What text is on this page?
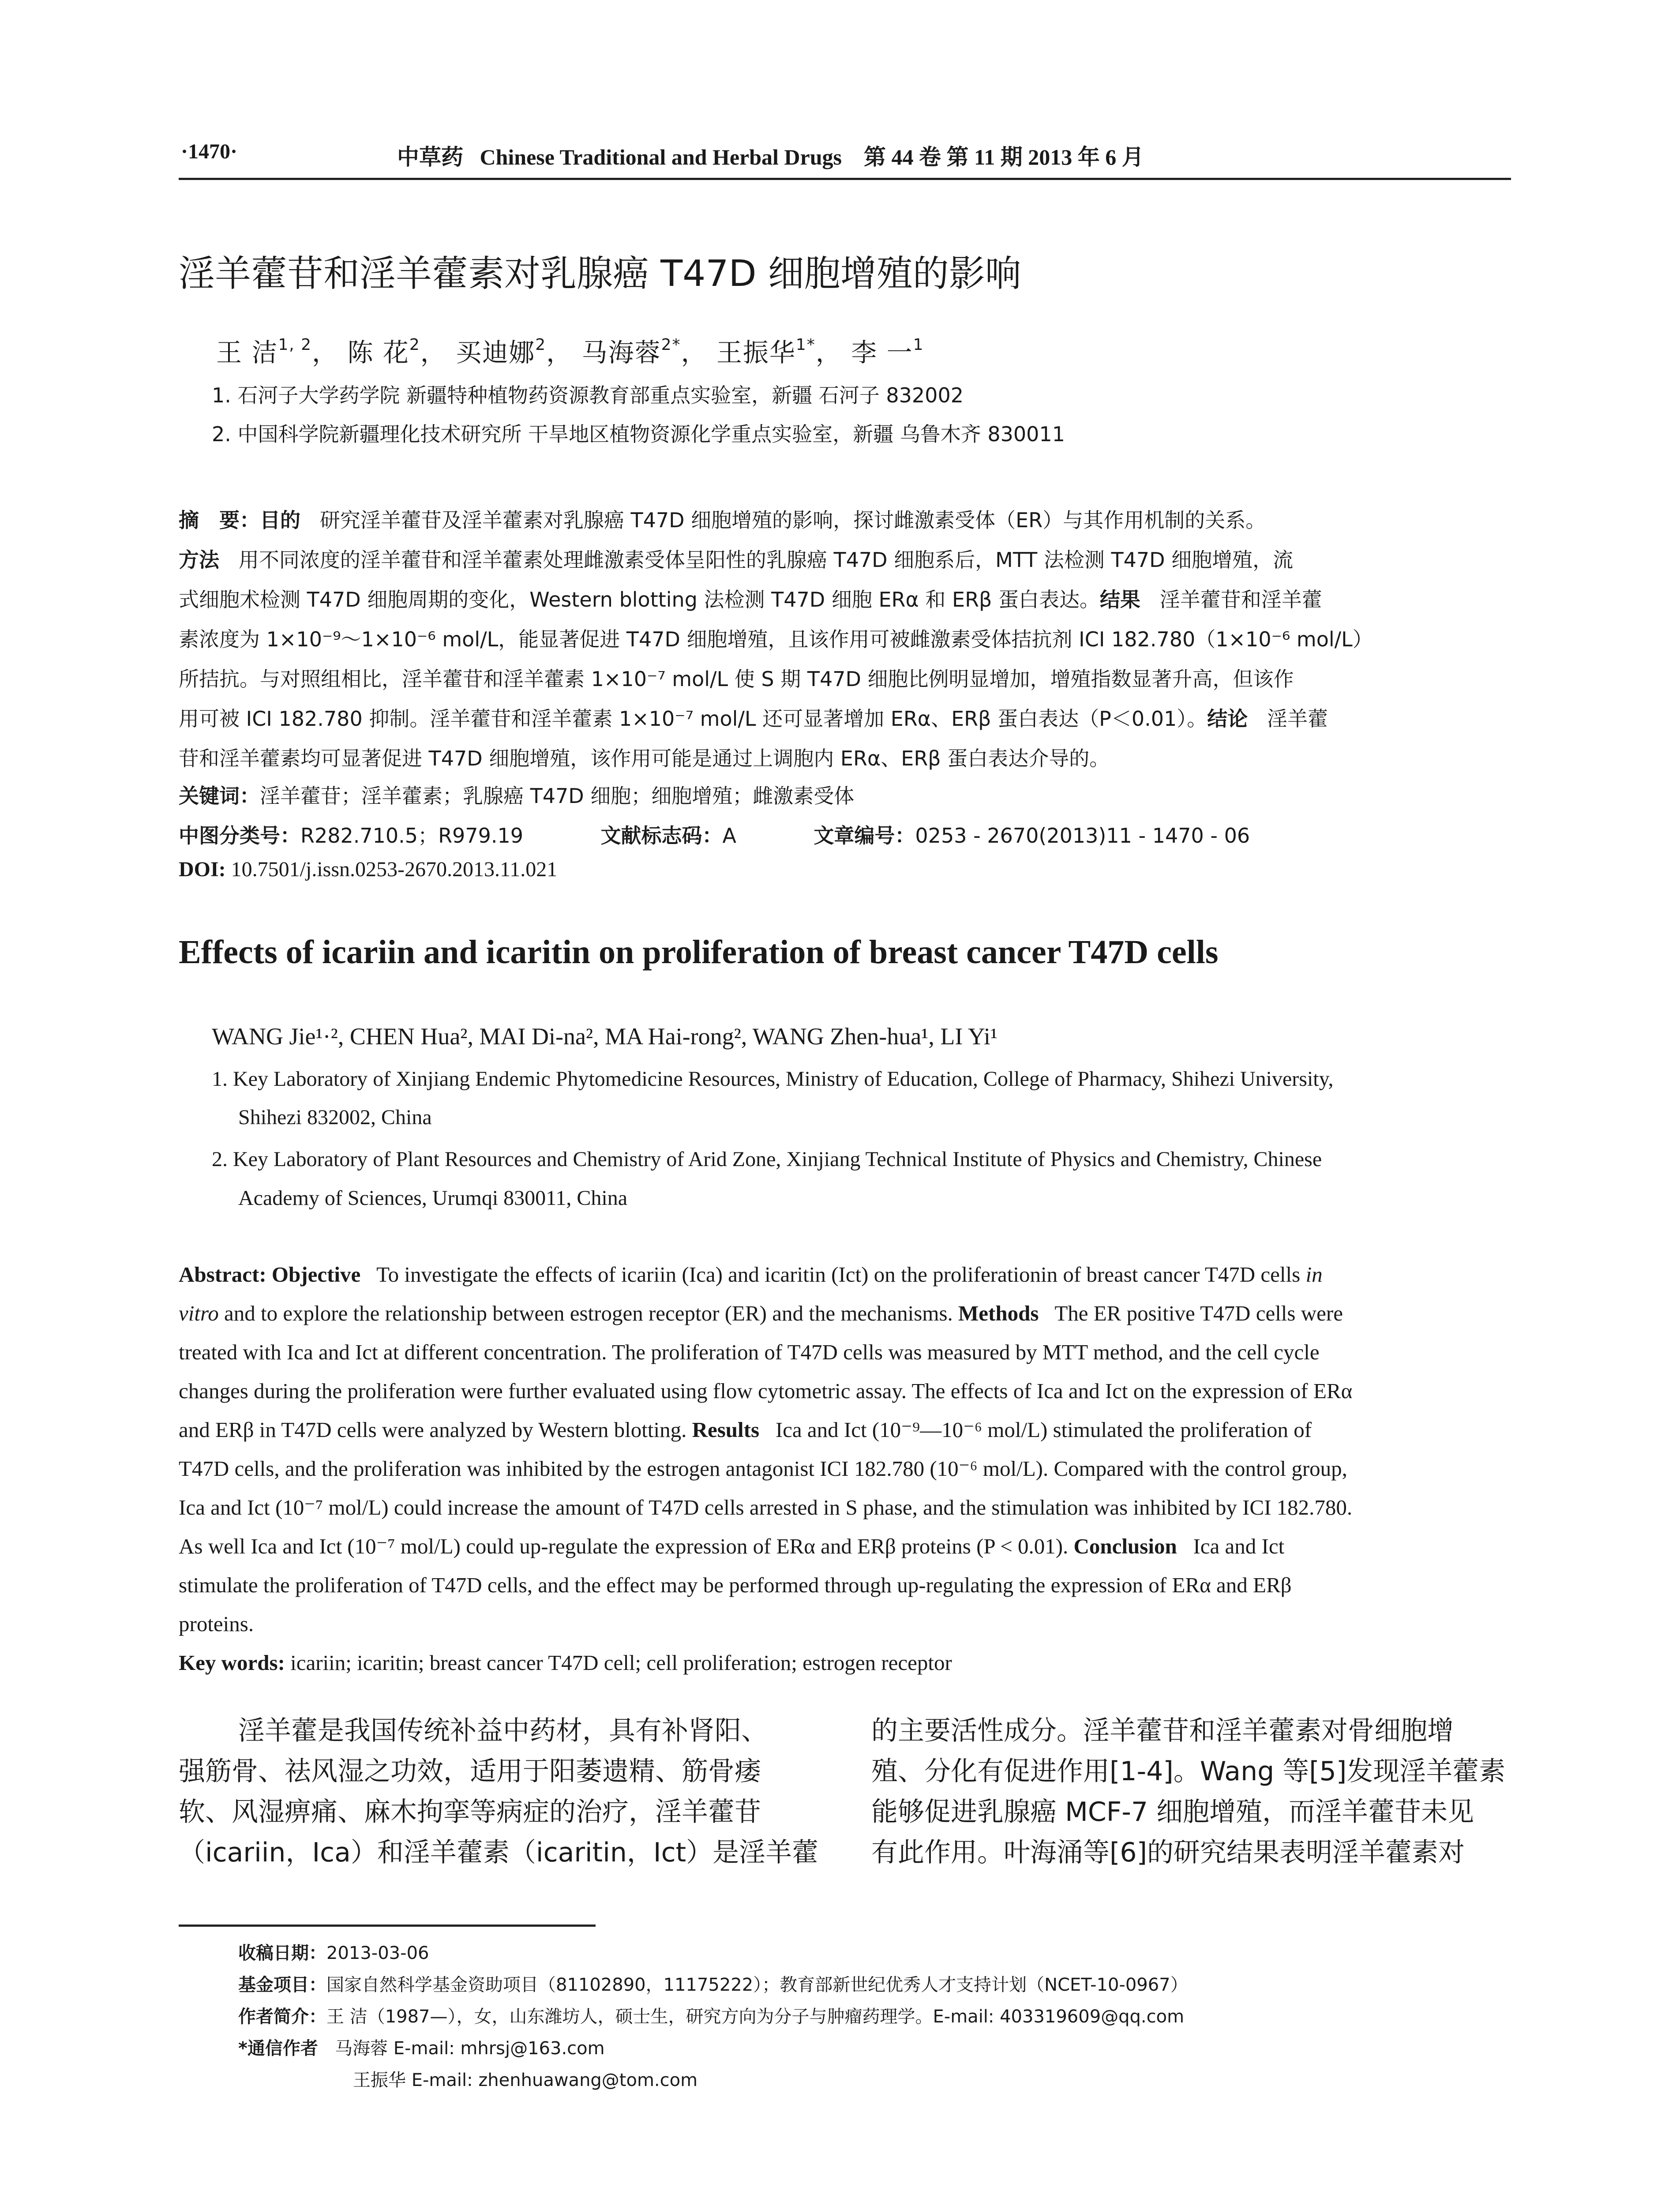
·1470·	中草药 Chinese Traditional and Herbal Drugs 第 44 卷 第 11 期 2013 年 6 月
淫羊藿苷和淫羊藿素对乳腺癌 T47D 细胞增殖的影响
王 洁$^{1, 2}$， 陈 花$^2$， 买迪娜$^2$， 马海蓉$^{2*}$， 王振华$^{1*}$， 李 一$^1$
1. 石河子大学药学院 新疆特种植物药资源教育部重点实验室，新疆 石河子 832002
2. 中国科学院新疆理化技术研究所 干旱地区植物资源化学重点实验室，新疆 乌鲁木齐 830011
摘　要：目的 研究淫羊藿苷及淫羊藿素对乳腺癌 T47D 细胞增殖的影响，探讨雌激素受体（ER）与其作用机制的关系。
方法 用不同浓度的淫羊藿苷和淫羊藿素处理雌激素受体呈阳性的乳腺癌 T47D 细胞系后，MTT 法检测 T47D 细胞增殖，流
式细胞术检测 T47D 细胞周期的变化，Western blotting 法检测 T47D 细胞 ERα 和 ERβ 蛋白表达。结果 淫羊藿苷和淫羊藿
素浓度为 1×10⁻⁹～1×10⁻⁶ mol/L，能显著促进 T47D 细胞增殖，且该作用可被雌激素受体拮抗剂 ICI 182.780（1×10⁻⁶ mol/L）
所拮抗。与对照组相比，淫羊藿苷和淫羊藿素 1×10⁻⁷ mol/L 使 S 期 T47D 细胞比例明显增加，增殖指数显著升高，但该作
用可被 ICI 182.780 抑制。淫羊藿苷和淫羊藿素 1×10⁻⁷ mol/L 还可显著增加 ERα、ERβ 蛋白表达（P＜0.01）。结论 淫羊藿
苷和淫羊藿素均可显著促进 T47D 细胞增殖，该作用可能是通过上调胞内 ERα、ERβ 蛋白表达介导的。
关键词：淫羊藿苷；淫羊藿素；乳腺癌 T47D 细胞；细胞增殖；雌激素受体
中图分类号：R282.710.5；R979.19	文献标志码：A	文章编号：0253 - 2670(2013)11 - 1470 - 06
DOI: 10.7501/j.issn.0253-2670.2013.11.021
Effects of icariin and icaritin on proliferation of breast cancer T47D cells
WANG Jie¹·², CHEN Hua², MAI Di-na², MA Hai-rong², WANG Zhen-hua¹, LI Yi¹
1. Key Laboratory of Xinjiang Endemic Phytomedicine Resources, Ministry of Education, College of Pharmacy, Shihezi University,
Shihezi 832002, China
2. Key Laboratory of Plant Resources and Chemistry of Arid Zone, Xinjiang Technical Institute of Physics and Chemistry, Chinese
Academy of Sciences, Urumqi 830011, China
Abstract: Objective To investigate the effects of icariin (Ica) and icaritin (Ict) on the proliferationin of breast cancer T47D cells in
vitro and to explore the relationship between estrogen receptor (ER) and the mechanisms. Methods The ER positive T47D cells were
treated with Ica and Ict at different concentration. The proliferation of T47D cells was measured by MTT method, and the cell cycle
changes during the proliferation were further evaluated using flow cytometric assay. The effects of Ica and Ict on the expression of ERα
and ERβ in T47D cells were analyzed by Western blotting. Results Ica and Ict (10⁻⁹—10⁻⁶ mol/L) stimulated the proliferation of
T47D cells, and the proliferation was inhibited by the estrogen antagonist ICI 182.780 (10⁻⁶ mol/L). Compared with the control group,
Ica and Ict (10⁻⁷ mol/L) could increase the amount of T47D cells arrested in S phase, and the stimulation was inhibited by ICI 182.780.
As well Ica and Ict (10⁻⁷ mol/L) could up-regulate the expression of ERα and ERβ proteins (P < 0.01). Conclusion Ica and Ict
stimulate the proliferation of T47D cells, and the effect may be performed through up-regulating the expression of ERα and ERβ
proteins.
Key words: icariin; icaritin; breast cancer T47D cell; cell proliferation; estrogen receptor
淫羊藿是我国传统补益中药材，具有补肾阳、
强筋骨、祛风湿之功效，适用于阳萎遗精、筋骨痿
软、风湿痹痛、麻木拘挛等病症的治疗，淫羊藿苷
（icariin，Ica）和淫羊藿素（icaritin，Ict）是淫羊藿
的主要活性成分。淫羊藿苷和淫羊藿素对骨细胞增
殖、分化有促进作用[1-4]。Wang 等[5]发现淫羊藿素
能够促进乳腺癌 MCF-7 细胞增殖，而淫羊藿苷未见
有此作用。叶海涌等[6]的研究结果表明淫羊藿素对
收稿日期：2013-03-06
基金项目：国家自然科学基金资助项目（81102890，11175222）；教育部新世纪优秀人才支持计划（NCET-10-0967）
作者简介：王 洁（1987—），女，山东潍坊人，硕士生，研究方向为分子与肿瘤药理学。E-mail: 403319609@qq.com
*通信作者 马海蓉 E-mail: mhrsj@163.com
王振华 E-mail: zhenhuawang@tom.com
